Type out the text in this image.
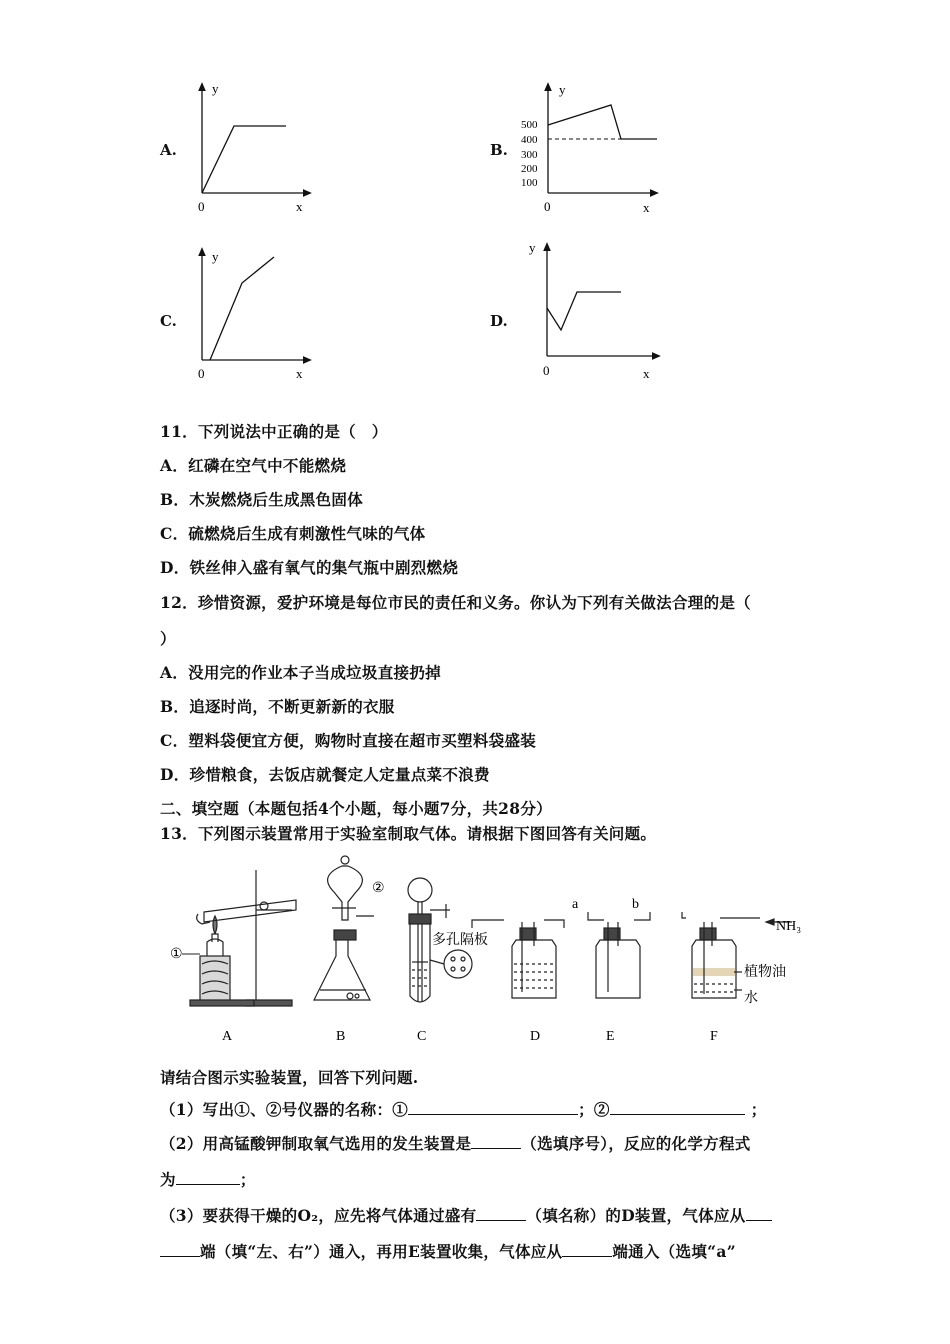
A.
y
x
0
B.
500
400
300
200
100
y
x
0
C.
y
x
0
D.
y
x
0
11．下列说法中正确的是（　）
A．红磷在空气中不能燃烧
B．木炭燃烧后生成黑色固体
C．硫燃烧后生成有刺激性气味的气体
D．铁丝伸入盛有氧气的集气瓶中剧烈燃烧
12．珍惜资源，爱护环境是每位市民的责任和义务。你认为下列有关做法合理的是（
）
A．没用完的作业本子当成垃圾直接扔掉
B．追逐时尚，不断更新新的衣服
C．塑料袋便宜方便，购物时直接在超市买塑料袋盛装
D．珍惜粮食，去饭店就餐定人定量点菜不浪费
二、填空题（本题包括4个小题，每小题7分，共28分）
13．下列图示装置常用于实验室制取气体。请根据下图回答有关问题。
①
②
多孔隔板
a	b
NH₃
植物油
水
A	B	C	D	E	F
请结合图示实验装置，回答下列问题.
（1）写出①、②号仪器的名称：①	；②	；
（2）用高锰酸钾制取氧气选用的发生装置是	（选填序号），反应的化学方程式
为	；
（3）要获得干燥的O₂，应先将气体通过盛有	（填名称）的D装置，气体应从
端（填“左、右”）通入，再用E装置收集，气体应从	端通入（选填“a”
